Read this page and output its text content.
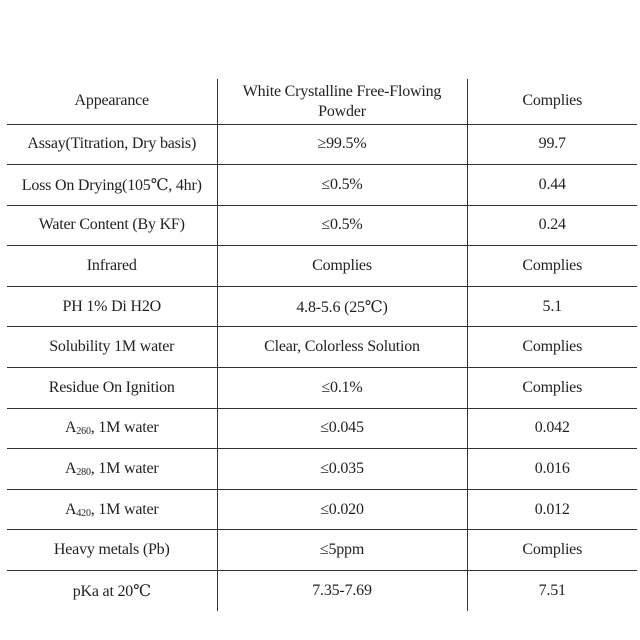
Appearance	White Crystalline Free-Flowing Powder	Complies
Assay(Titration, Dry basis)	≥99.5%	99.7
Loss On Drying(105℃, 4hr)	≤0.5%	0.44
Water Content (By KF)	≤0.5%	0.24
Infrared	Complies	Complies
PH 1% Di H2O	4.8-5.6 (25℃)	5.1
Solubility 1M water	Clear, Colorless Solution	Complies
Residue On Ignition	≤0.1%	Complies
$A_{260}$, 1M water	≤0.045	0.042
$A_{280}$, 1M water	≤0.035	0.016
$A_{420}$, 1M water	≤0.020	0.012
Heavy metals (Pb)	≤5ppm	Complies
pKa at 20℃	7.35-7.69	7.51
